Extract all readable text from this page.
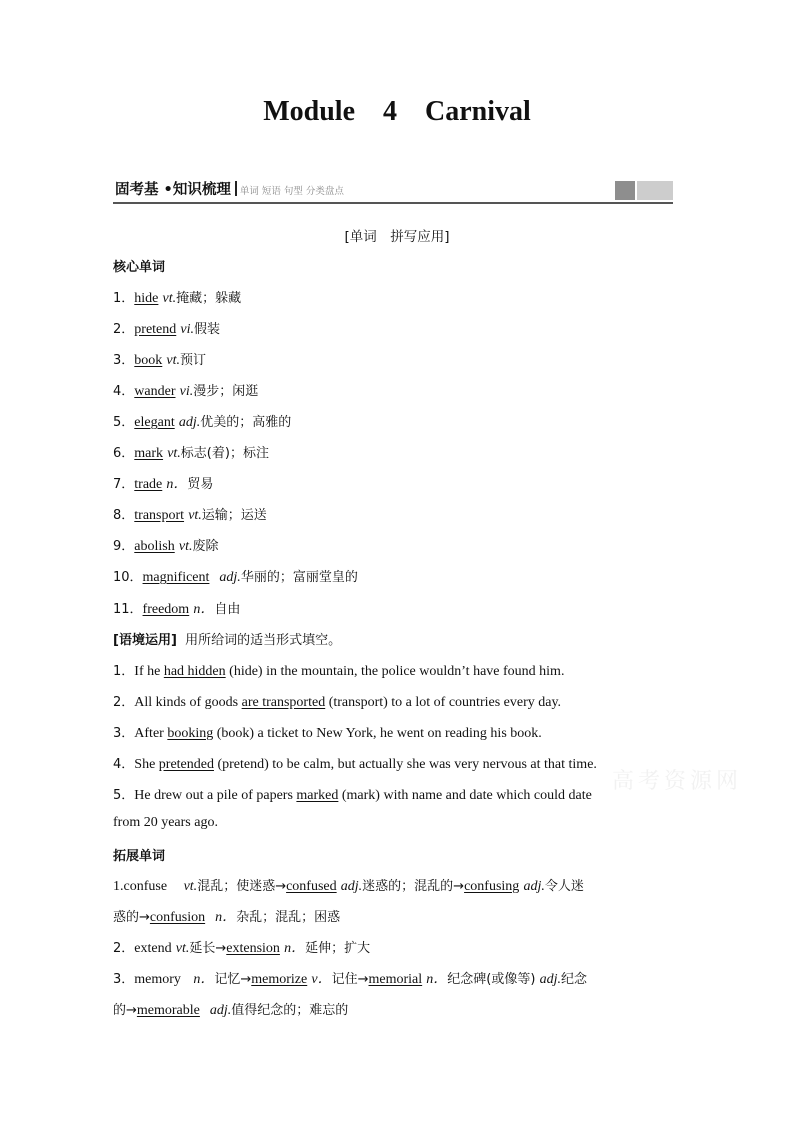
Module 4 Carnival
固考基 •知识梳理 单词 短语 句型 分类盘点
[单词　拼写应用]
核心单词
1．hide vt.掩藏；躲藏
2．pretend vi.假装
3．book vt.预订
4．wander vi.漫步；闲逛
5．elegant adj.优美的；高雅的
6．mark vt.标志(着)；标注
7．trade n．贸易
8．transport vt.运输；运送
9．abolish vt.废除
10．magnificent adj.华丽的；富丽堂皇的
11．freedom n．自由
[语境运用] 用所给词的适当形式填空。
1．If he had hidden (hide) in the mountain, the police wouldn’t have found him.
2．All kinds of goods are transported (transport) to a lot of countries every day.
3．After booking (book) a ticket to New York, he went on reading his book.
4．She pretended (pretend) to be calm, but actually she was very nervous at that time.
5．He drew out a pile of papers marked (mark) with name and date which could date
from 20 years ago.
拓展单词
1.confuse vt.混乱；使迷惑→confused adj.迷惑的；混乱的→confusing adj.令人迷
惑的→confusion n．杂乱；混乱；困惑
2．extend vt.延长→extension n．延伸；扩大
3．memory n．记忆→memorize v．记住→memorial n．纪念碑(或像等) adj.纪念
的→memorable adj.值得纪念的；难忘的
高考资源网
